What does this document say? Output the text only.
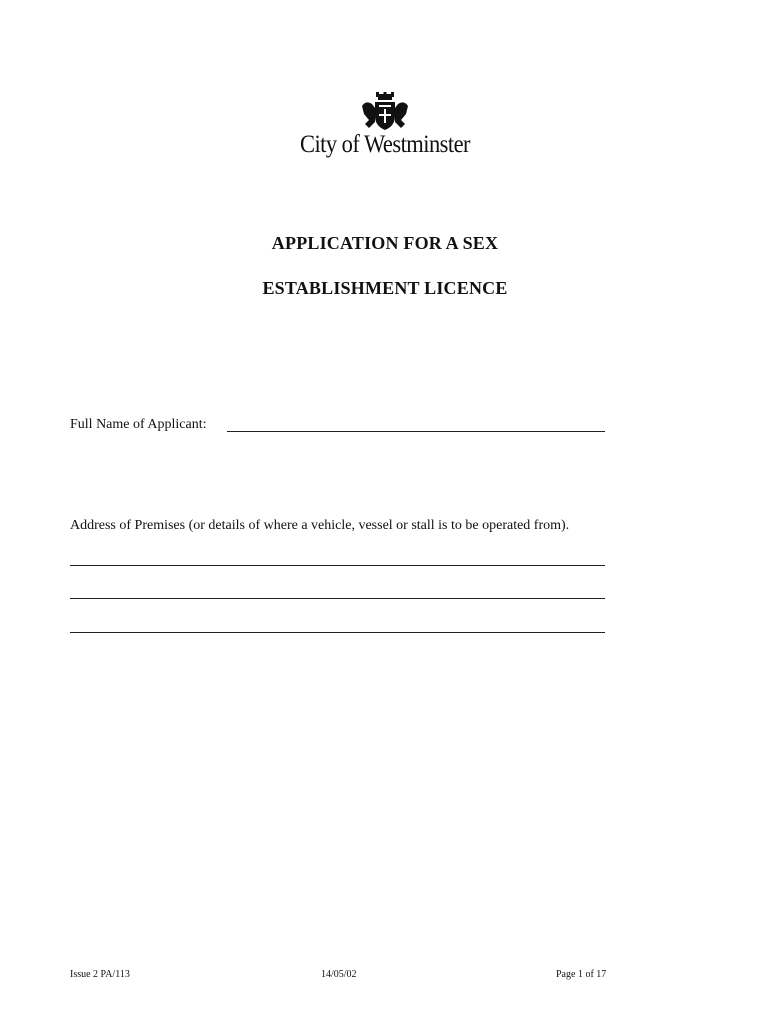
City of Westminster
APPLICATION FOR A SEX
ESTABLISHMENT LICENCE
Full Name of Applicant:
Address of Premises (or details of where a vehicle, vessel or stall is to be operated from).
Issue 2 PA/113	14/05/02	Page 1 of 17
